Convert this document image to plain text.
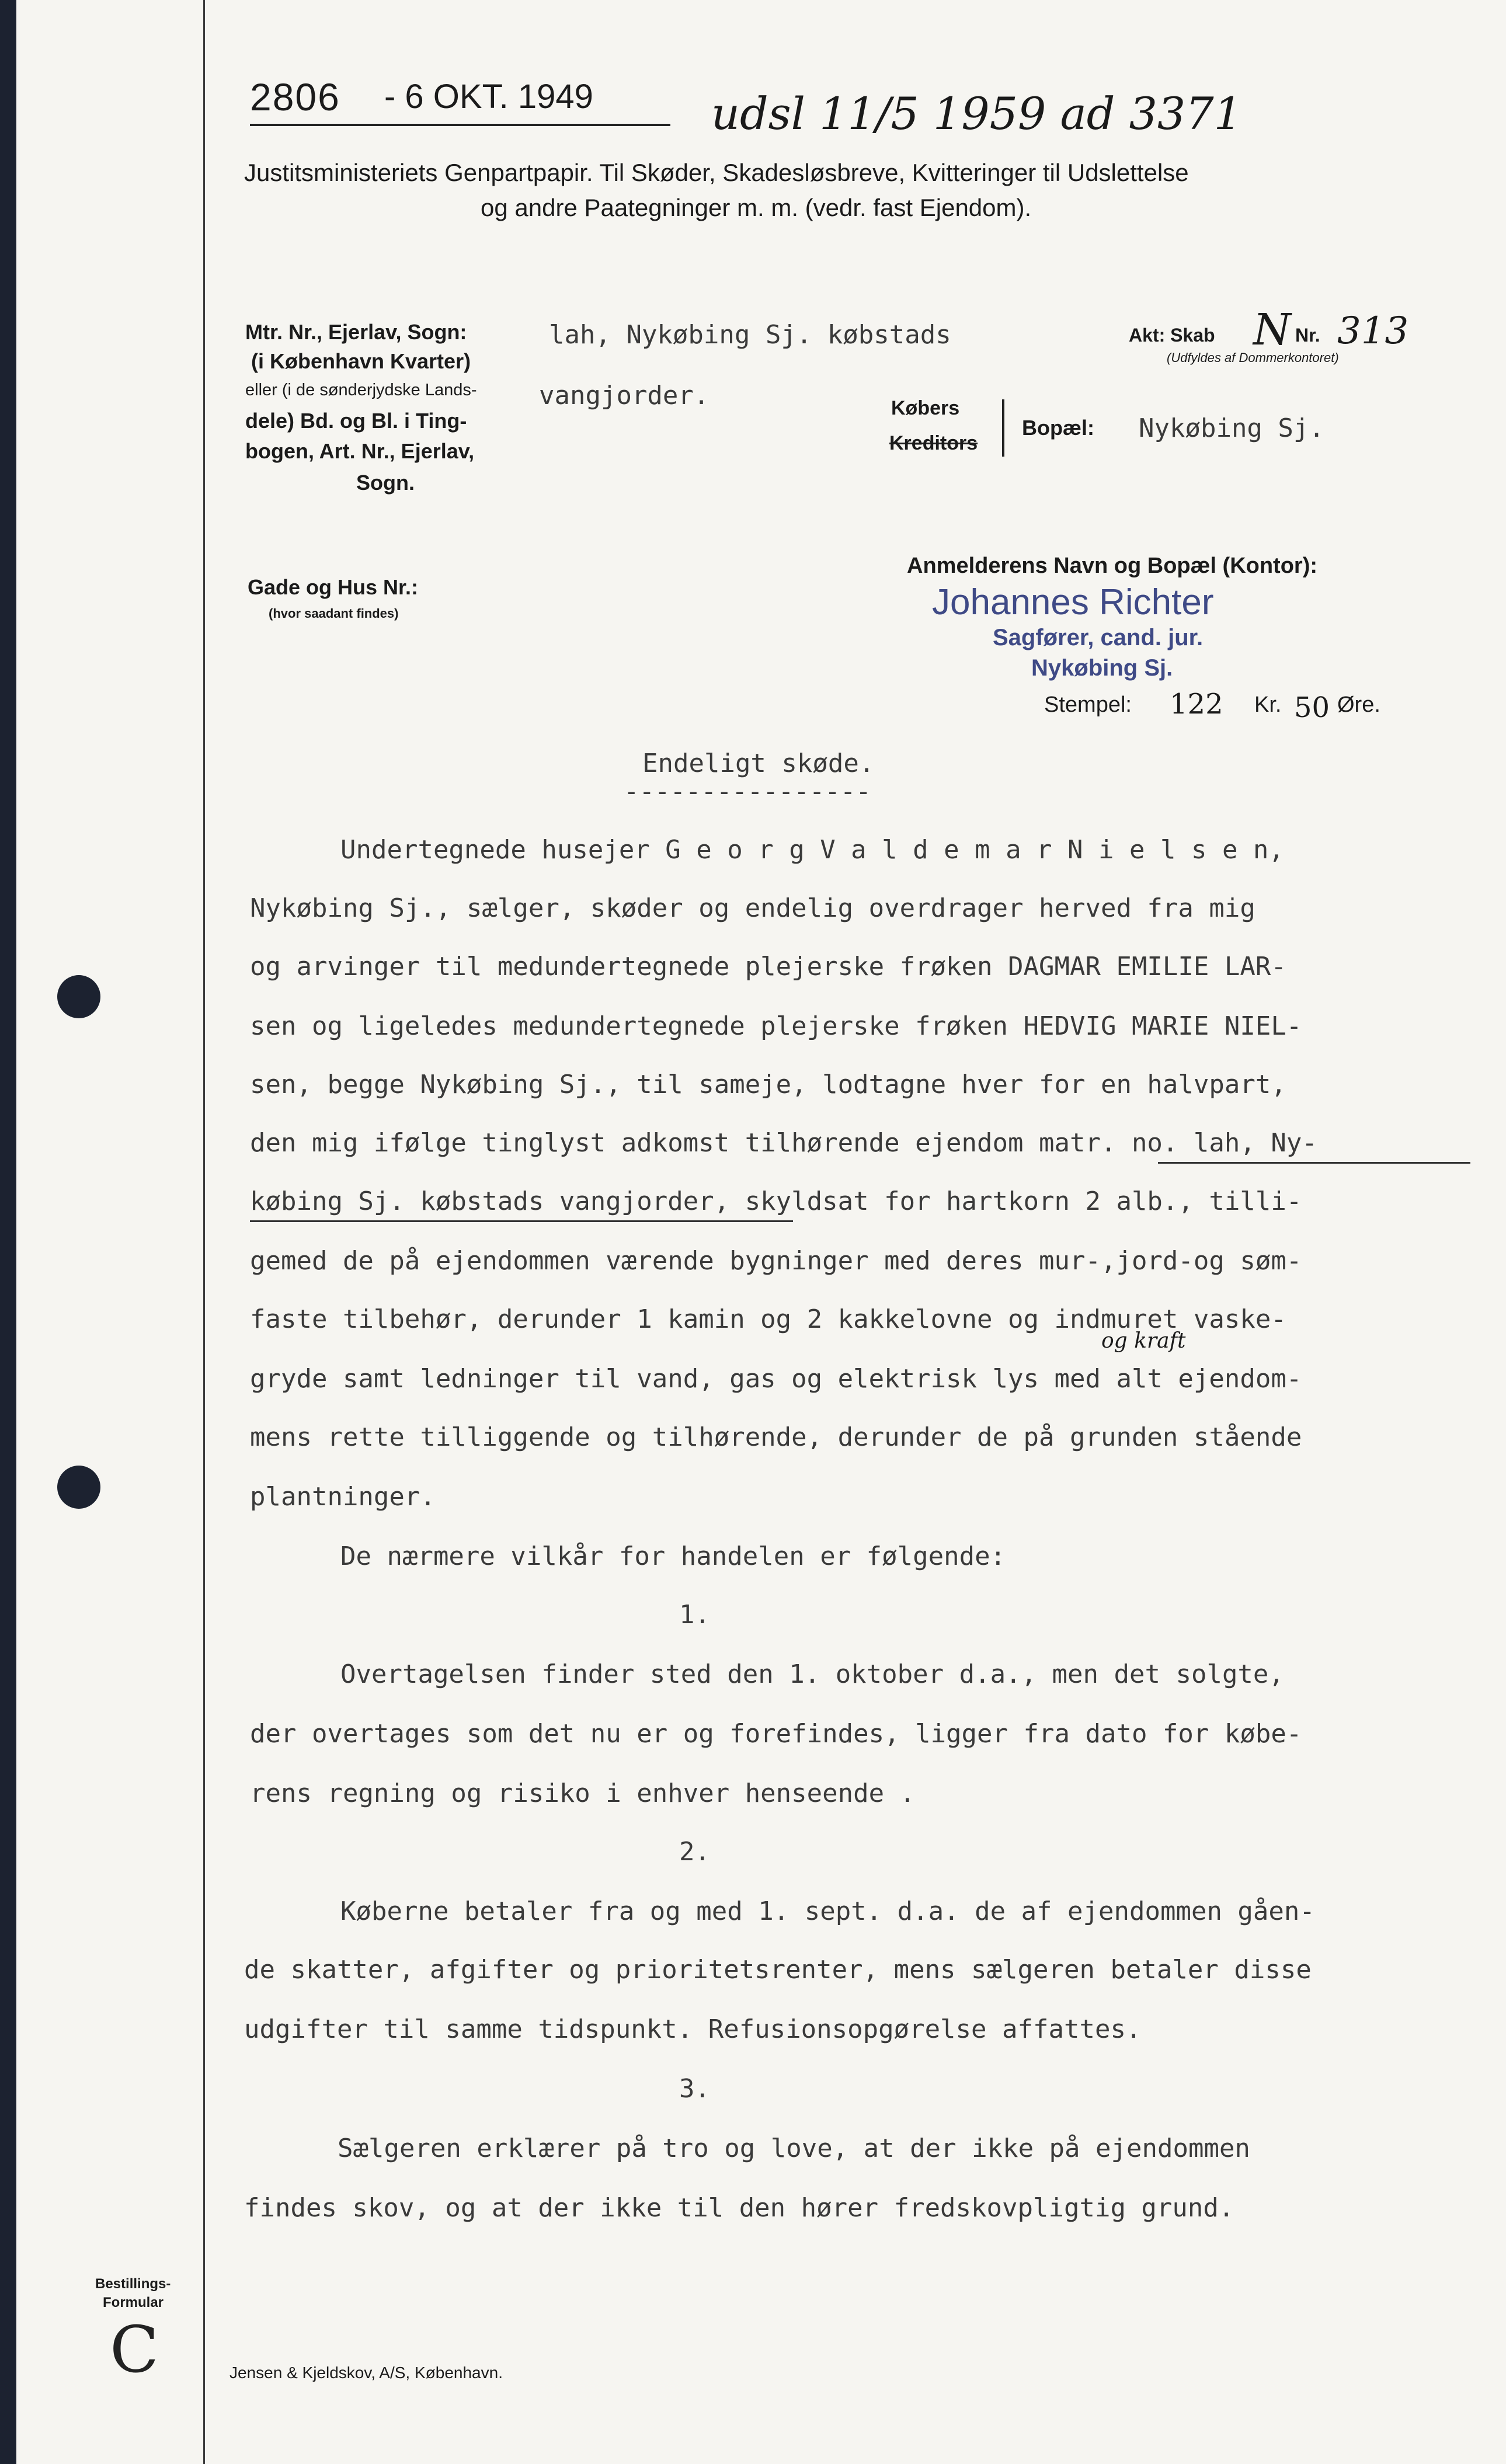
2806 - 6 OKT. 1949	udsl 11/5 1959 ad 3371
Justitsministeriets Genpartpapir. Til Skøder, Skadesløsbreve, Kvitteringer til Udslettelse
og andre Paategninger m. m. (vedr. fast Ejendom).
Mtr. Nr., Ejerlav, Sogn:
(i København Kvarter)
eller (i de sønderjydske Lands-
dele) Bd. og Bl. i Ting-
bogen, Art. Nr., Ejerlav,
Sogn.
lah, Nykøbing Sj. købstads
vangjorder.
Akt: Skab N Nr. 313
(Udfyldes af Dommerkontoret)
Købers
Kreditors
Bopæl: Nykøbing Sj.
Gade og Hus Nr.:
(hvor saadant findes)
Anmelderens Navn og Bopæl (Kontor):
Johannes Richter
Sagfører, cand. jur.
Nykøbing Sj.
Stempel: 122 Kr. 50 Øre.
Endeligt skøde.
----------------
Undertegnede husejer G e o r g V a l d e m a r N i e l s e n,
Nykøbing Sj., sælger, skøder og endelig overdrager herved fra mig
og arvinger til medundertegnede plejerske frøken DAGMAR EMILIE LAR-
sen og ligeledes medundertegnede plejerske frøken HEDVIG MARIE NIEL-
sen, begge Nykøbing Sj., til sameje, lodtagne hver for en halvpart,
den mig ifølge tinglyst adkomst tilhørende ejendom matr. no. lah, Ny-
købing Sj. købstads vangjorder, skyldsat for hartkorn 2 alb., tilli-
gemed de på ejendommen værende bygninger med deres mur-,jord-og søm-
faste tilbehør, derunder 1 kamin og 2 kakkelovne og indmuret vaske-
og kraft
gryde samt ledninger til vand, gas og elektrisk lys med alt ejendom-
mens rette tilliggende og tilhørende, derunder de på grunden stående
plantninger.
De nærmere vilkår for handelen er følgende:
1.
Overtagelsen finder sted den 1. oktober d.a., men det solgte,
der overtages som det nu er og forefindes, ligger fra dato for købe-
rens regning og risiko i enhver henseende .
2.
Køberne betaler fra og med 1. sept. d.a. de af ejendommen gåen-
de skatter, afgifter og prioritetsrenter, mens sælgeren betaler disse
udgifter til samme tidspunkt. Refusionsopgørelse affattes.
3.
Sælgeren erklærer på tro og love, at der ikke på ejendommen
findes skov, og at der ikke til den hører fredskovpligtig grund.
Bestillings-
Formular
C	Jensen & Kjeldskov, A/S, København.
